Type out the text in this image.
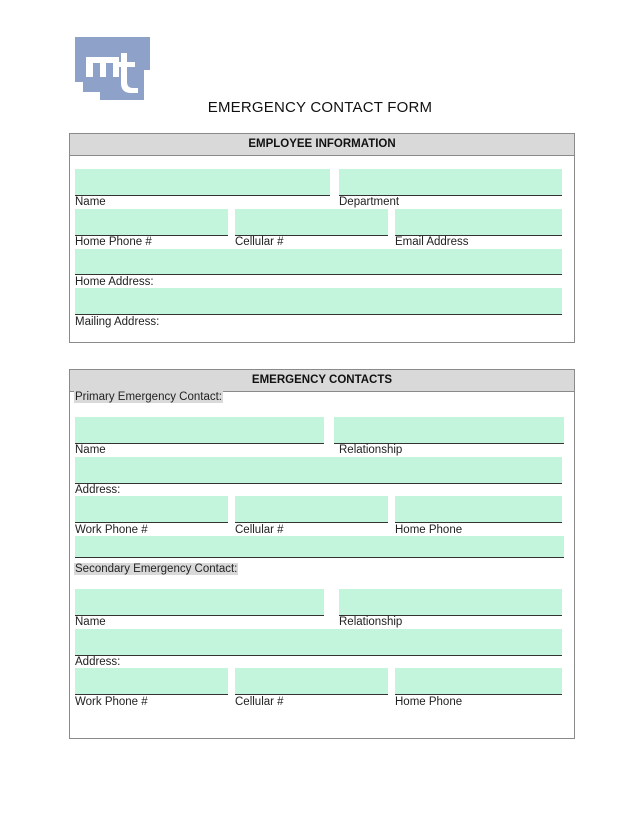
EMERGENCY CONTACT FORM
EMPLOYEE INFORMATION
Name	Department
Home Phone #	Cellular #	Email Address
Home Address:
Mailing Address:
EMERGENCY CONTACTS
Primary Emergency Contact:
Name	Relationship
Address:
Work Phone #	Cellular #	Home Phone
Secondary Emergency Contact:
Name	Relationship
Address:
Work Phone #	Cellular #	Home Phone
